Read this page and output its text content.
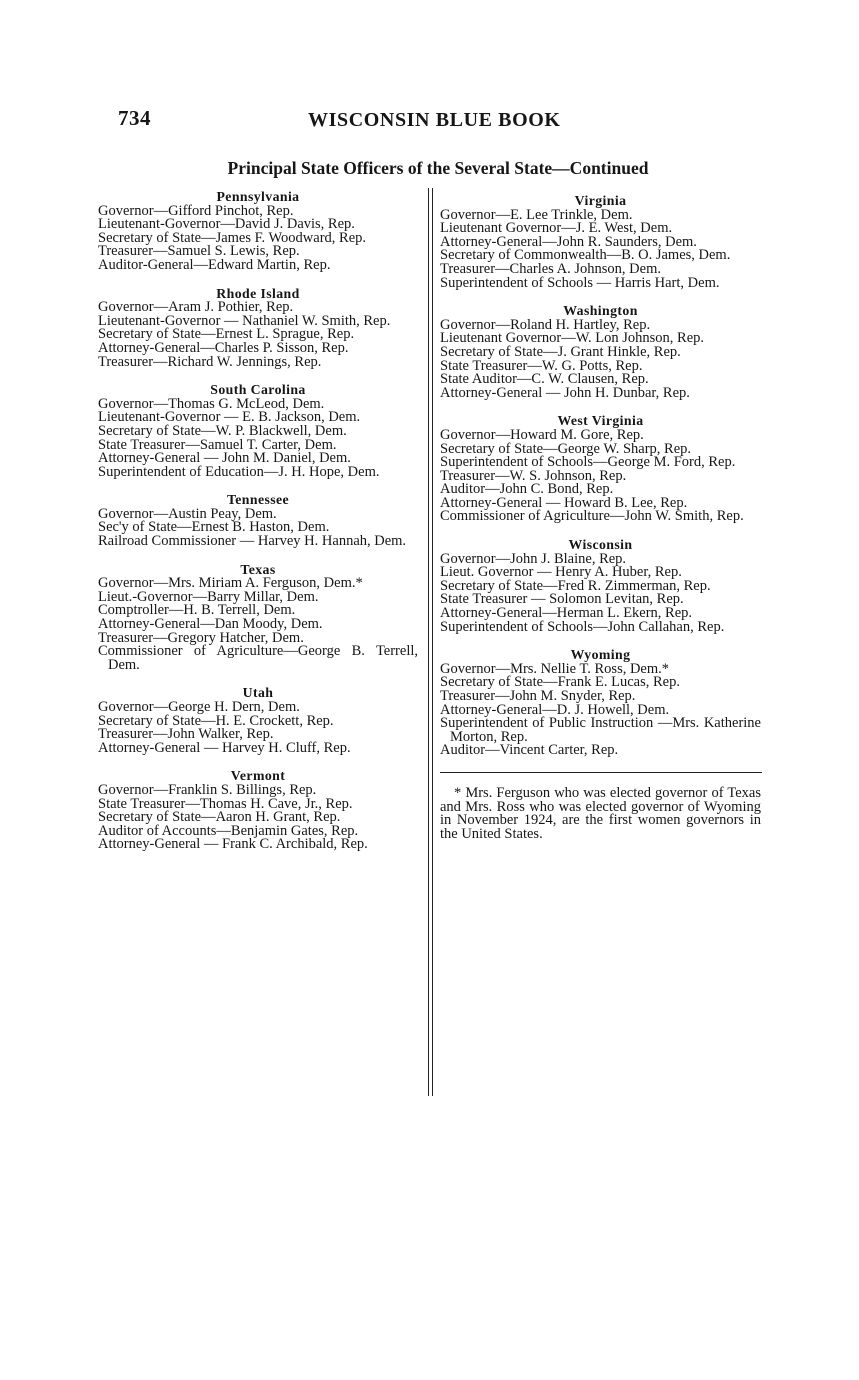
734	WISCONSIN BLUE BOOK
Principal State Officers of the Several State—Continued
Pennsylvania
Governor—Gifford Pinchot, Rep.
Lieutenant-Governor—David J. Davis, Rep.
Secretary of State—James F. Woodward, Rep.
Treasurer—Samuel S. Lewis, Rep.
Auditor-General—Edward Martin, Rep.
Rhode Island
Governor—Aram J. Pothier, Rep.
Lieutenant-Governor — Nathaniel W. Smith, Rep.
Secretary of State—Ernest L. Sprague, Rep.
Attorney-General—Charles P. Sisson, Rep.
Treasurer—Richard W. Jennings, Rep.
South Carolina
Governor—Thomas G. McLeod, Dem.
Lieutenant-Governor — E. B. Jackson, Dem.
Secretary of State—W. P. Blackwell, Dem.
State Treasurer—Samuel T. Carter, Dem.
Attorney-General — John M. Daniel, Dem.
Superintendent of Education—J. H. Hope, Dem.
Tennessee
Governor—Austin Peay, Dem.
Sec'y of State—Ernest B. Haston, Dem.
Railroad Commissioner — Harvey H. Hannah, Dem.
Texas
Governor—Mrs. Miriam A. Ferguson, Dem.*
Lieut.-Governor—Barry Millar, Dem.
Comptroller—H. B. Terrell, Dem.
Attorney-General—Dan Moody, Dem.
Treasurer—Gregory Hatcher, Dem.
Commissioner of Agriculture—George B. Terrell, Dem.
Utah
Governor—George H. Dern, Dem.
Secretary of State—H. E. Crockett, Rep.
Treasurer—John Walker, Rep.
Attorney-General — Harvey H. Cluff, Rep.
Vermont
Governor—Franklin S. Billings, Rep.
State Treasurer—Thomas H. Cave, Jr., Rep.
Secretary of State—Aaron H. Grant, Rep.
Auditor of Accounts—Benjamin Gates, Rep.
Attorney-General — Frank C. Archibald, Rep.
Virginia
Governor—E. Lee Trinkle, Dem.
Lieutenant Governor—J. E. West, Dem.
Attorney-General—John R. Saunders, Dem.
Secretary of Commonwealth—B. O. James, Dem.
Treasurer—Charles A. Johnson, Dem.
Superintendent of Schools — Harris Hart, Dem.
Washington
Governor—Roland H. Hartley, Rep.
Lieutenant Governor—W. Lon Johnson, Rep.
Secretary of State—J. Grant Hinkle, Rep.
State Treasurer—W. G. Potts, Rep.
State Auditor—C. W. Clausen, Rep.
Attorney-General — John H. Dunbar, Rep.
West Virginia
Governor—Howard M. Gore, Rep.
Secretary of State—George W. Sharp, Rep.
Superintendent of Schools—George M. Ford, Rep.
Treasurer—W. S. Johnson, Rep.
Auditor—John C. Bond, Rep.
Attorney-General — Howard B. Lee, Rep.
Commissioner of Agriculture—John W. Smith, Rep.
Wisconsin
Governor—John J. Blaine, Rep.
Lieut. Governor — Henry A. Huber, Rep.
Secretary of State—Fred R. Zimmerman, Rep.
State Treasurer — Solomon Levitan, Rep.
Attorney-General—Herman L. Ekern, Rep.
Superintendent of Schools—John Callahan, Rep.
Wyoming
Governor—Mrs. Nellie T. Ross, Dem.*
Secretary of State—Frank E. Lucas, Rep.
Treasurer—John M. Snyder, Rep.
Attorney-General—D. J. Howell, Dem.
Superintendent of Public Instruction —Mrs. Katherine Morton, Rep.
Auditor—Vincent Carter, Rep.
* Mrs. Ferguson who was elected governor of Texas and Mrs. Ross who was elected governor of Wyoming in November 1924, are the first women governors in the United States.
